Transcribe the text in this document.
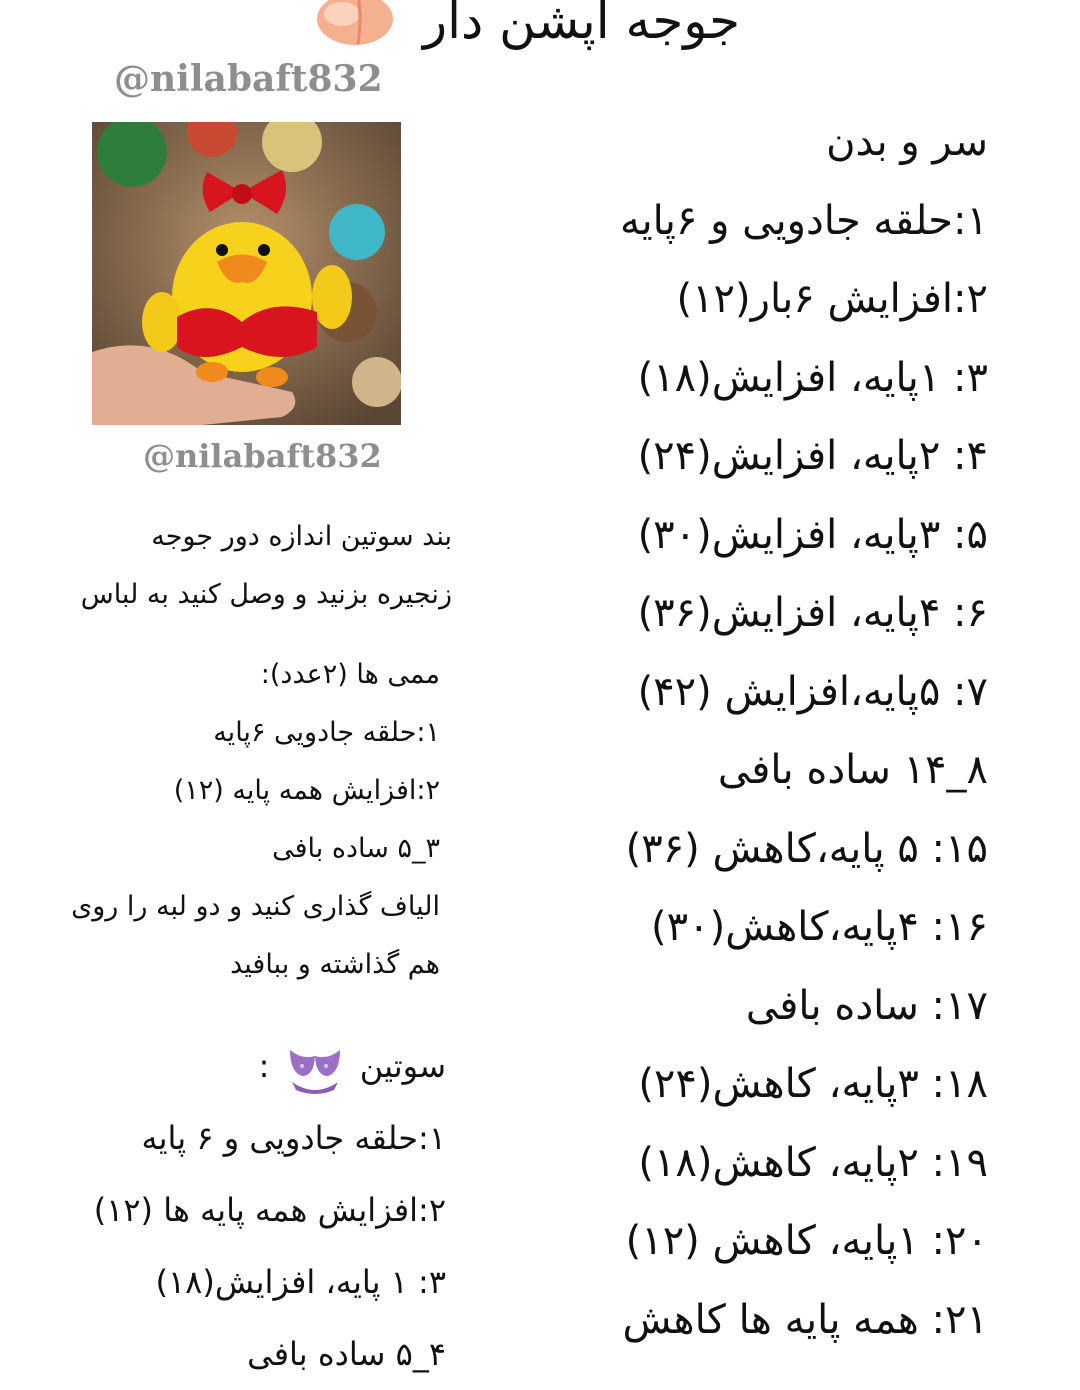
جوجه اپشن دار
@nilabaft832
@nilabaft832
سر و بدن
۱:حلقه جادویی و ۶پایه
۲:افزایش ۶بار(۱۲)
۳: ۱پایه، افزایش(۱۸)
۴: ۲پایه، افزایش(۲۴)
۵: ۳پایه، افزایش(۳۰)
۶: ۴پایه، افزایش(۳۶)
۷: ۵پایه،افزایش (۴۲)
۸_۱۴ ساده بافی
۱۵: ۵ پایه،کاهش (۳۶)
۱۶: ۴پایه،کاهش(۳۰)
۱۷: ساده بافی
۱۸: ۳پایه، کاهش(۲۴)
۱۹: ۲پایه، کاهش(۱۸)
۲۰: ۱پایه، کاهش (۱۲)
۲۱: همه پایه ها کاهش
بند سوتین اندازه دور جوجه
زنجیره بزنید و وصل کنید به لباس
ممی ها (۲عدد):
۱:حلقه جادویی ۶پایه
۲:افزایش همه پایه (۱۲)
۳_۵ ساده بافی
الیاف گذاری کنید و دو لبه را روی
هم گذاشته و ببافید
سوتین  :
۱:حلقه جادویی و ۶ پایه
۲:افزایش همه پایه ها (۱۲)
۳: ۱ پایه، افزایش(۱۸)
۴_۵ ساده بافی
